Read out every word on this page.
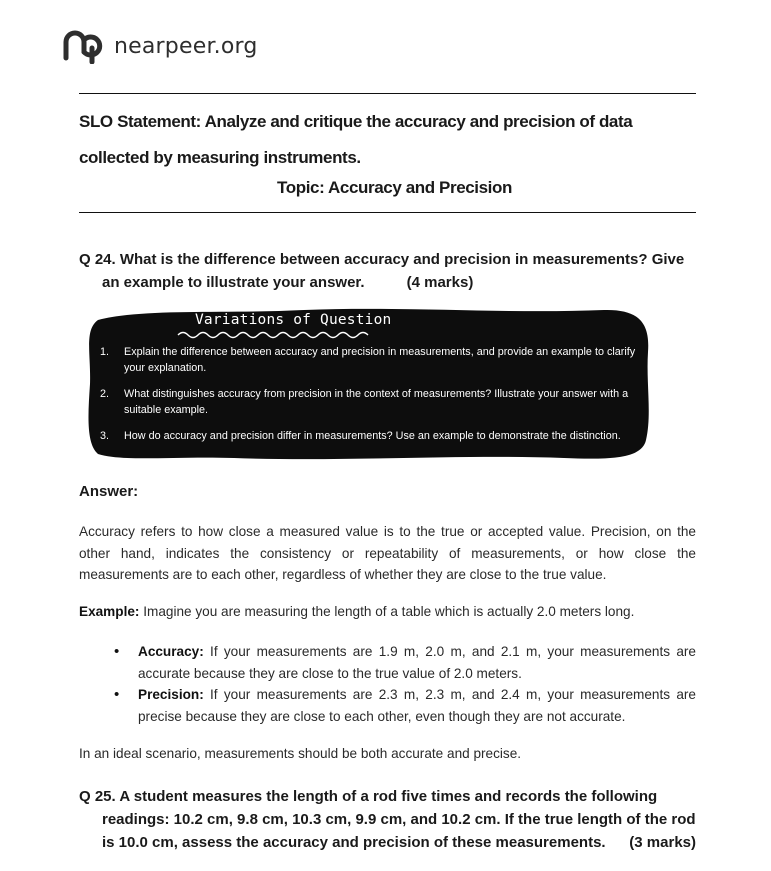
nearpeer.org

SLO Statement: Analyze and critique the accuracy and precision of data
collected by measuring instruments.

Topic: Accuracy and Precision

Q 24. What is the difference between accuracy and precision in measurements? Give
an example to illustrate your answer.	(4 marks)

Variations of Question
1. Explain the difference between accuracy and precision in measurements, and provide an example to clarify your explanation.
2. What distinguishes accuracy from precision in the context of measurements? Illustrate your answer with a suitable example.
3. How do accuracy and precision differ in measurements? Use an example to demonstrate the distinction.

Answer:

Accuracy refers to how close a measured value is to the true or accepted value. Precision, on the other hand, indicates the consistency or repeatability of measurements, or how close the measurements are to each other, regardless of whether they are close to the true value.

Example: Imagine you are measuring the length of a table which is actually 2.0 meters long.

• Accuracy: If your measurements are 1.9 m, 2.0 m, and 2.1 m, your measurements are accurate because they are close to the true value of 2.0 meters.
• Precision: If your measurements are 2.3 m, 2.3 m, and 2.4 m, your measurements are precise because they are close to each other, even though they are not accurate.

In an ideal scenario, measurements should be both accurate and precise.

Q 25. A student measures the length of a rod five times and records the following
readings: 10.2 cm, 9.8 cm, 10.3 cm, 9.9 cm, and 10.2 cm. If the true length of the rod
is 10.0 cm, assess the accuracy and precision of these measurements. (3 marks)
